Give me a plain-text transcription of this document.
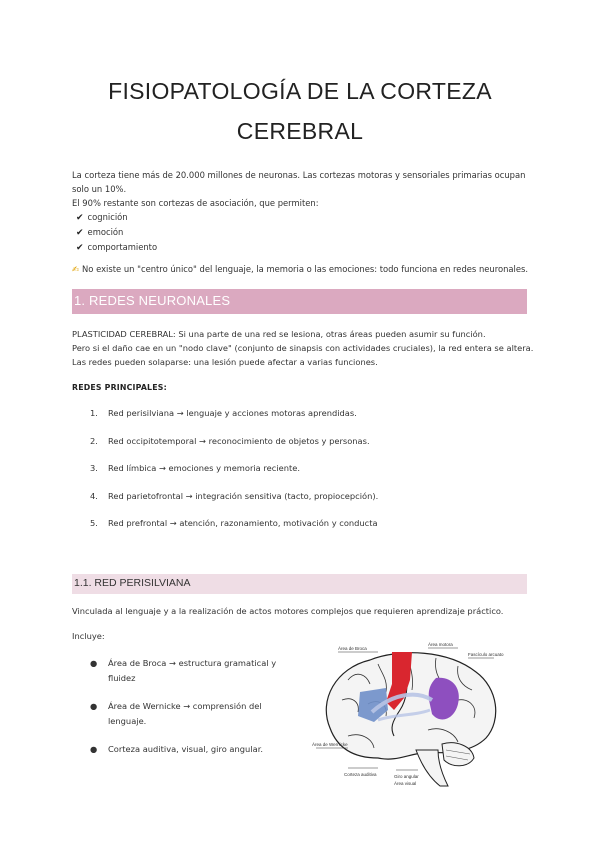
FISIOPATOLOGÍA DE LA CORTEZA
CEREBRAL

La corteza tiene más de 20.000 millones de neuronas. Las cortezas motoras y sensoriales primarias ocupan solo un 10%.

El 90% restante son cortezas de asociación, que permiten:

✔ cognición
✔ emoción
✔ comportamiento
✍ No existe un "centro único" del lenguaje, la memoria o las emociones: todo funciona en redes neuronales.
1. REDES NEURONALES

PLASTICIDAD CEREBRAL: Si una parte de una red se lesiona, otras áreas pueden asumir su función.

Pero si el daño cae en un "nodo clave" (conjunto de sinapsis con actividades cruciales), la red entera se altera.

Las redes pueden solaparse: una lesión puede afectar a varias funciones.

REDES PRINCIPALES:
1.	Red perisilviana → lenguaje y acciones motoras aprendidas.
2.	Red occipitotemporal → reconocimiento de objetos y personas.
3.	Red límbica → emociones y memoria reciente.
4.	Red parietofrontal → integración sensitiva (tacto, propiocepción).
5.	Red prefrontal → atención, razonamiento, motivación y conducta
1.1. RED PERISILVIANA
Vinculada al lenguaje y a la realización de actos motores complejos que requieren aprendizaje práctico.
Incluye:
● Área de Broca → estructura gramatical y fluidez
● Área de Wernicke → comprensión del lenguaje.
● Corteza auditiva, visual, giro angular.
Área de Broca
Área motora
Fascículo arcuato
Área de Wernicke
Corteza auditiva	Giro angular
Área visual
